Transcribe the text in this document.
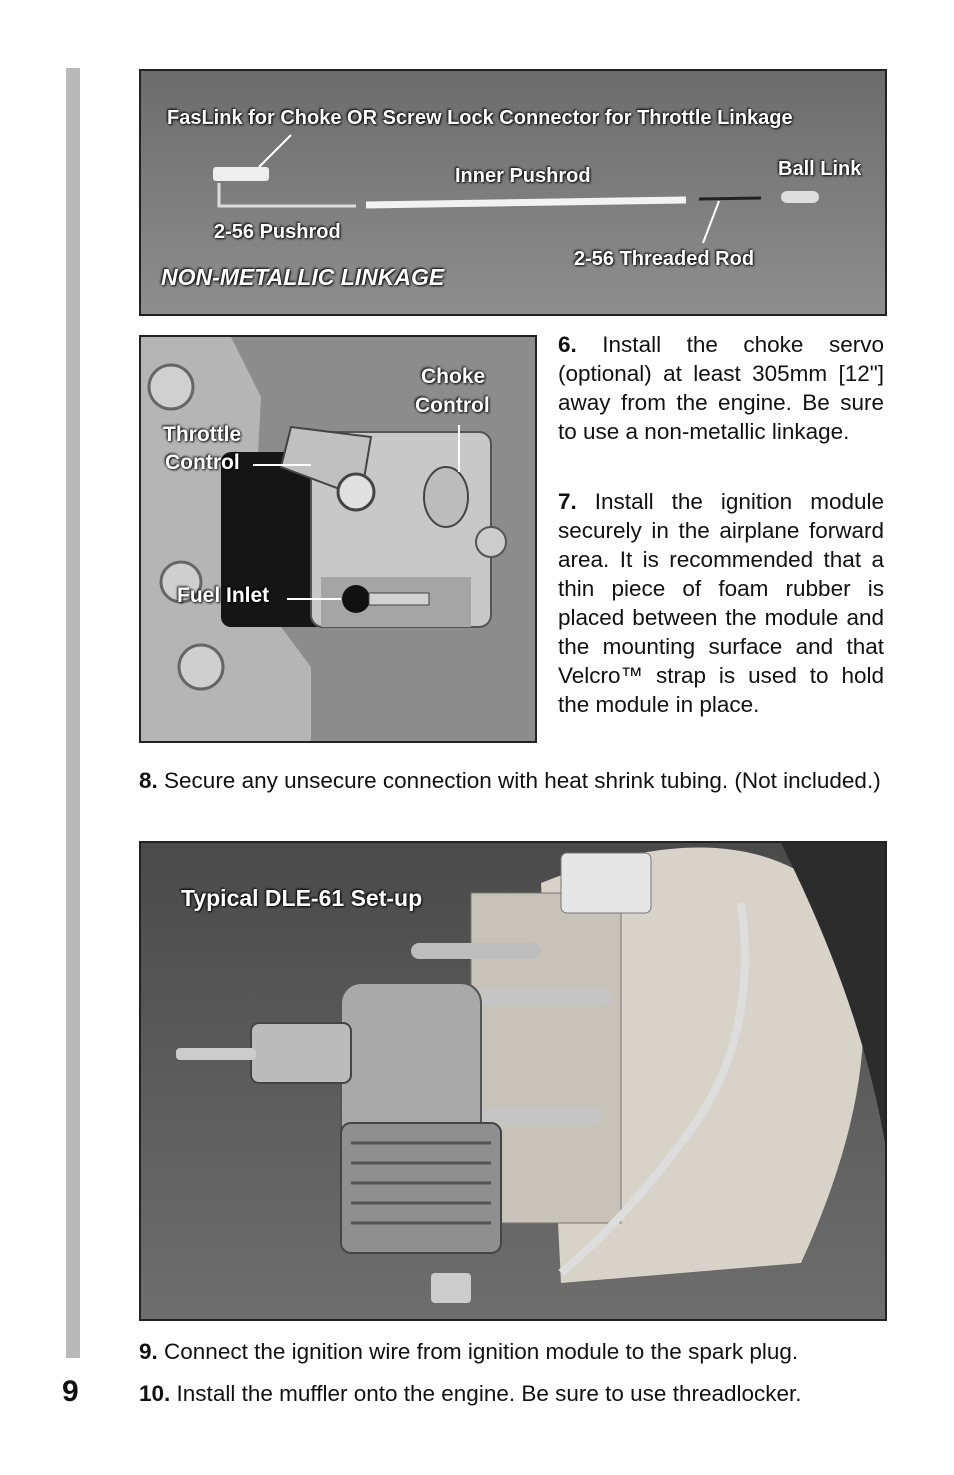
9
FasLink for Choke OR Screw Lock Connector for Throttle Linkage
Inner Pushrod	Ball Link
2-56 Pushrod
2-56 Threaded Rod
NON-METALLIC LINKAGE
Choke
Control
Throttle
Control
Fuel Inlet
6. Install the choke servo (optional) at least 305mm [12"] away from the engine. Be sure to use a non-metallic linkage.
7. Install the ignition module securely in the airplane forward area. It is recommended that a thin piece of foam rubber is placed between the module and the mounting surface and that Velcro™ strap is used to hold the module in place.
8. Secure any unsecure connection with heat shrink tubing. (Not included.)
Typical DLE-61 Set-up
9. Connect the ignition wire from ignition module to the spark plug.
10. Install the muffler onto the engine. Be sure to use threadlocker.
